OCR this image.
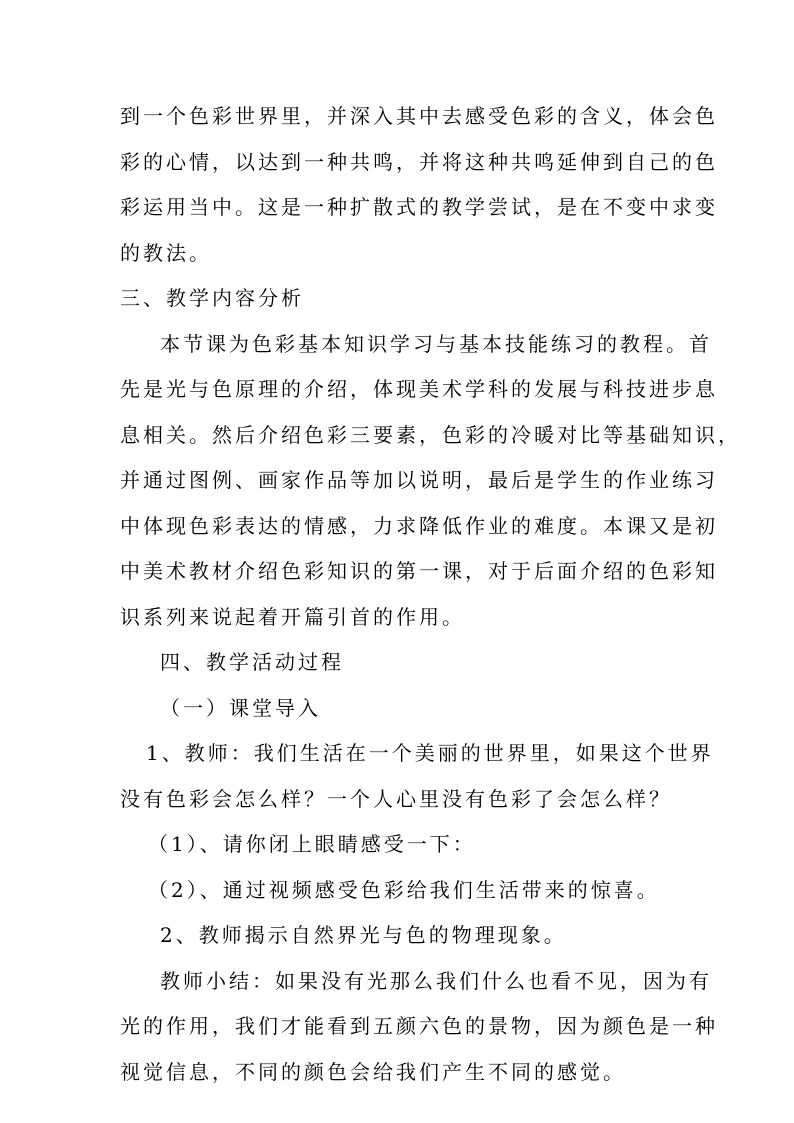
到一个色彩世界里，并深入其中去感受色彩的含义，体会色
彩的心情，以达到一种共鸣，并将这种共鸣延伸到自己的色
彩运用当中。这是一种扩散式的教学尝试，是在不变中求变
的教法。
三、教学内容分析
本节课为色彩基本知识学习与基本技能练习的教程。首
先是光与色原理的介绍，体现美术学科的发展与科技进步息
息相关。然后介绍色彩三要素，色彩的冷暖对比等基础知识，
并通过图例、画家作品等加以说明，最后是学生的作业练习
中体现色彩表达的情感，力求降低作业的难度。本课又是初
中美术教材介绍色彩知识的第一课，对于后面介绍的色彩知
识系列来说起着开篇引首的作用。
四、教学活动过程
（一）课堂导入
1、教师：我们生活在一个美丽的世界里，如果这个世界
没有色彩会怎么样？一个人心里没有色彩了会怎么样？
（1）、请你闭上眼睛感受一下：
（2）、通过视频感受色彩给我们生活带来的惊喜。
2、教师揭示自然界光与色的物理现象。
教师小结：如果没有光那么我们什么也看不见，因为有
光的作用，我们才能看到五颜六色的景物，因为颜色是一种
视觉信息，不同的颜色会给我们产生不同的感觉。
